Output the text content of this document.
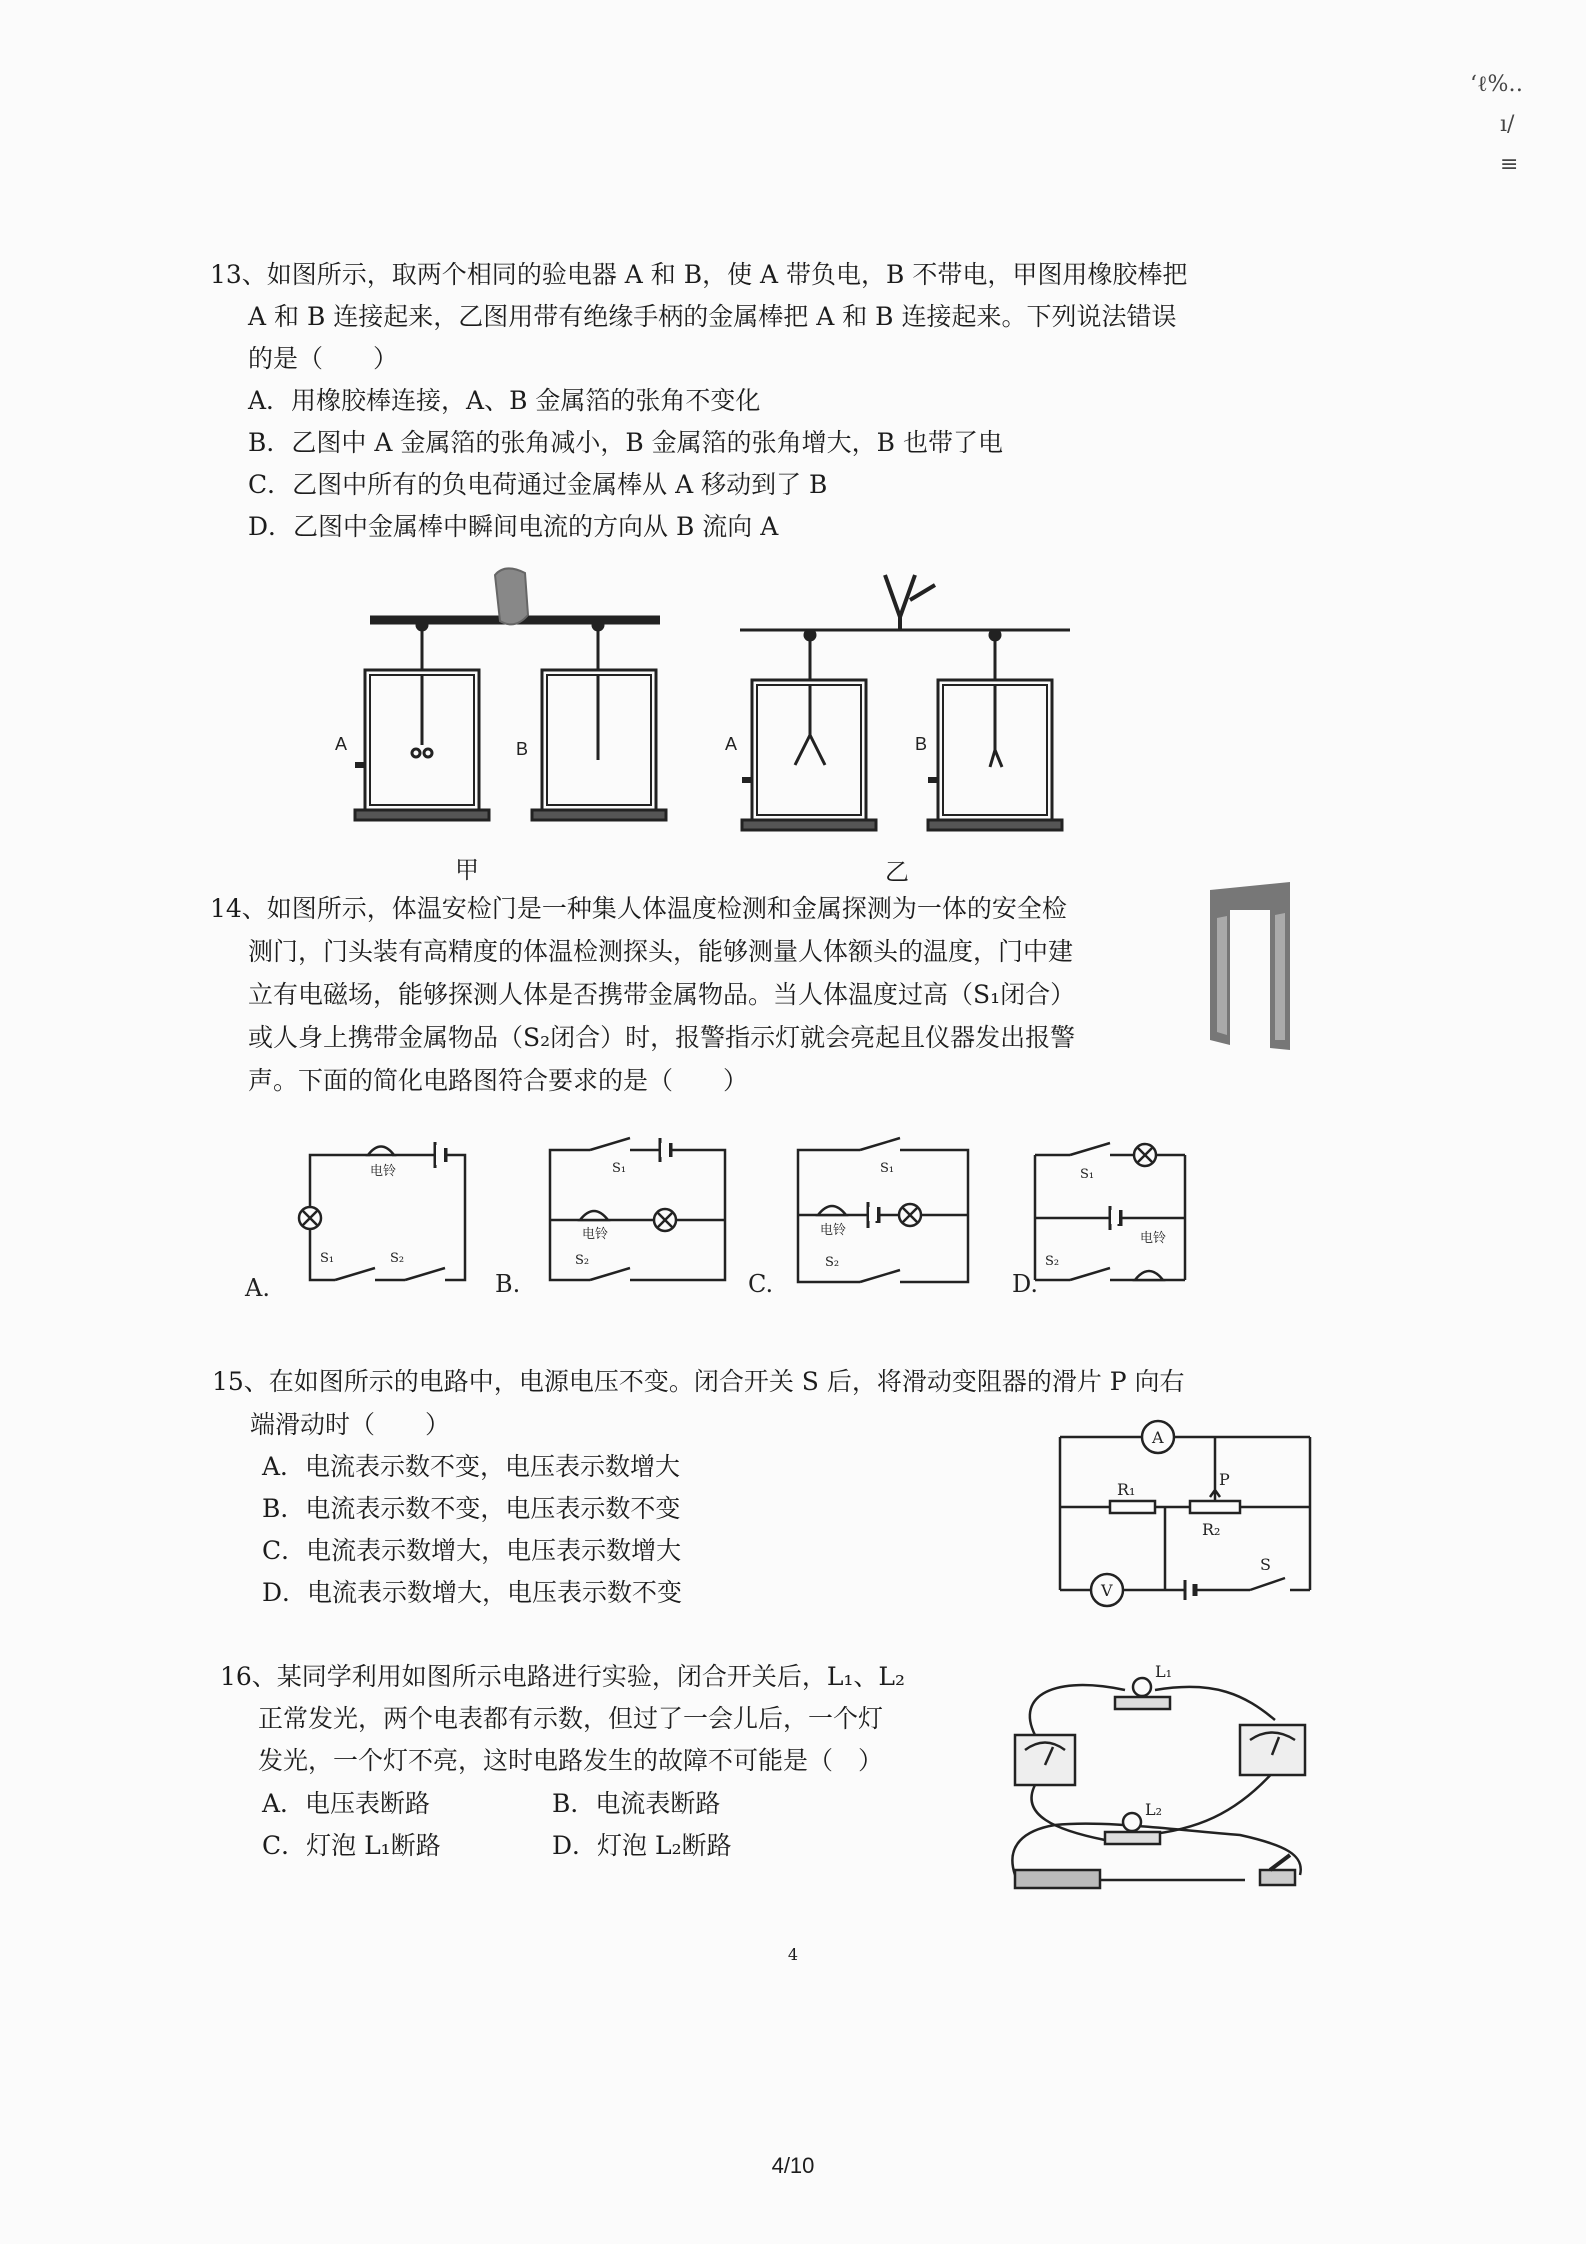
‘ℓ%‥
ı/
≡
13、如图所示，取两个相同的验电器 A 和 B，使 A 带负电，B 不带电，甲图用橡胶棒把
A 和 B 连接起来，乙图用带有绝缘手柄的金属棒把 A 和 B 连接起来。下列说法错误
的是（　　）
A．用橡胶棒连接，A、B 金属箔的张角不变化
B．乙图中 A 金属箔的张角减小，B 金属箔的张角增大，B 也带了电
C．乙图中所有的负电荷通过金属棒从 A 移动到了 B
D．乙图中金属棒中瞬间电流的方向从 B 流向 A
A	B	A	B
甲	乙
14、如图所示，体温安检门是一种集人体温度检测和金属探测为一体的安全检
测门，门头装有高精度的体温检测探头，能够测量人体额头的温度，门中建
立有电磁场，能够探测人体是否携带金属物品。当人体温度过高（S₁闭合）
或人身上携带金属物品（S₂闭合）时，报警指示灯就会亮起且仪器发出报警
声。下面的简化电路图符合要求的是（　　）
电铃
S₁	S₂
S₁
电铃
S₂
S₁
电铃
S₂
S₁
电铃
S₂
A.	B.	C.	D.
15、在如图所示的电路中，电源电压不变。闭合开关 S 后，将滑动变阻器的滑片 P 向右
端滑动时（　　）
A．电流表示数不变，电压表示数增大
B．电流表示数不变，电压表示数不变
C．电流表示数增大，电压表示数增大
D．电流表示数增大，电压表示数不变
A
V
R₁
R₂
P
S
16、某同学利用如图所示电路进行实验，闭合开关后，L₁、L₂
正常发光，两个电表都有示数，但过了一会儿后，一个灯
发光，一个灯不亮，这时电路发生的故障不可能是（　）
A．电压表断路	B．电流表断路
C．灯泡 L₁断路	D．灯泡 L₂断路
L₁
L₂
4
4/10
